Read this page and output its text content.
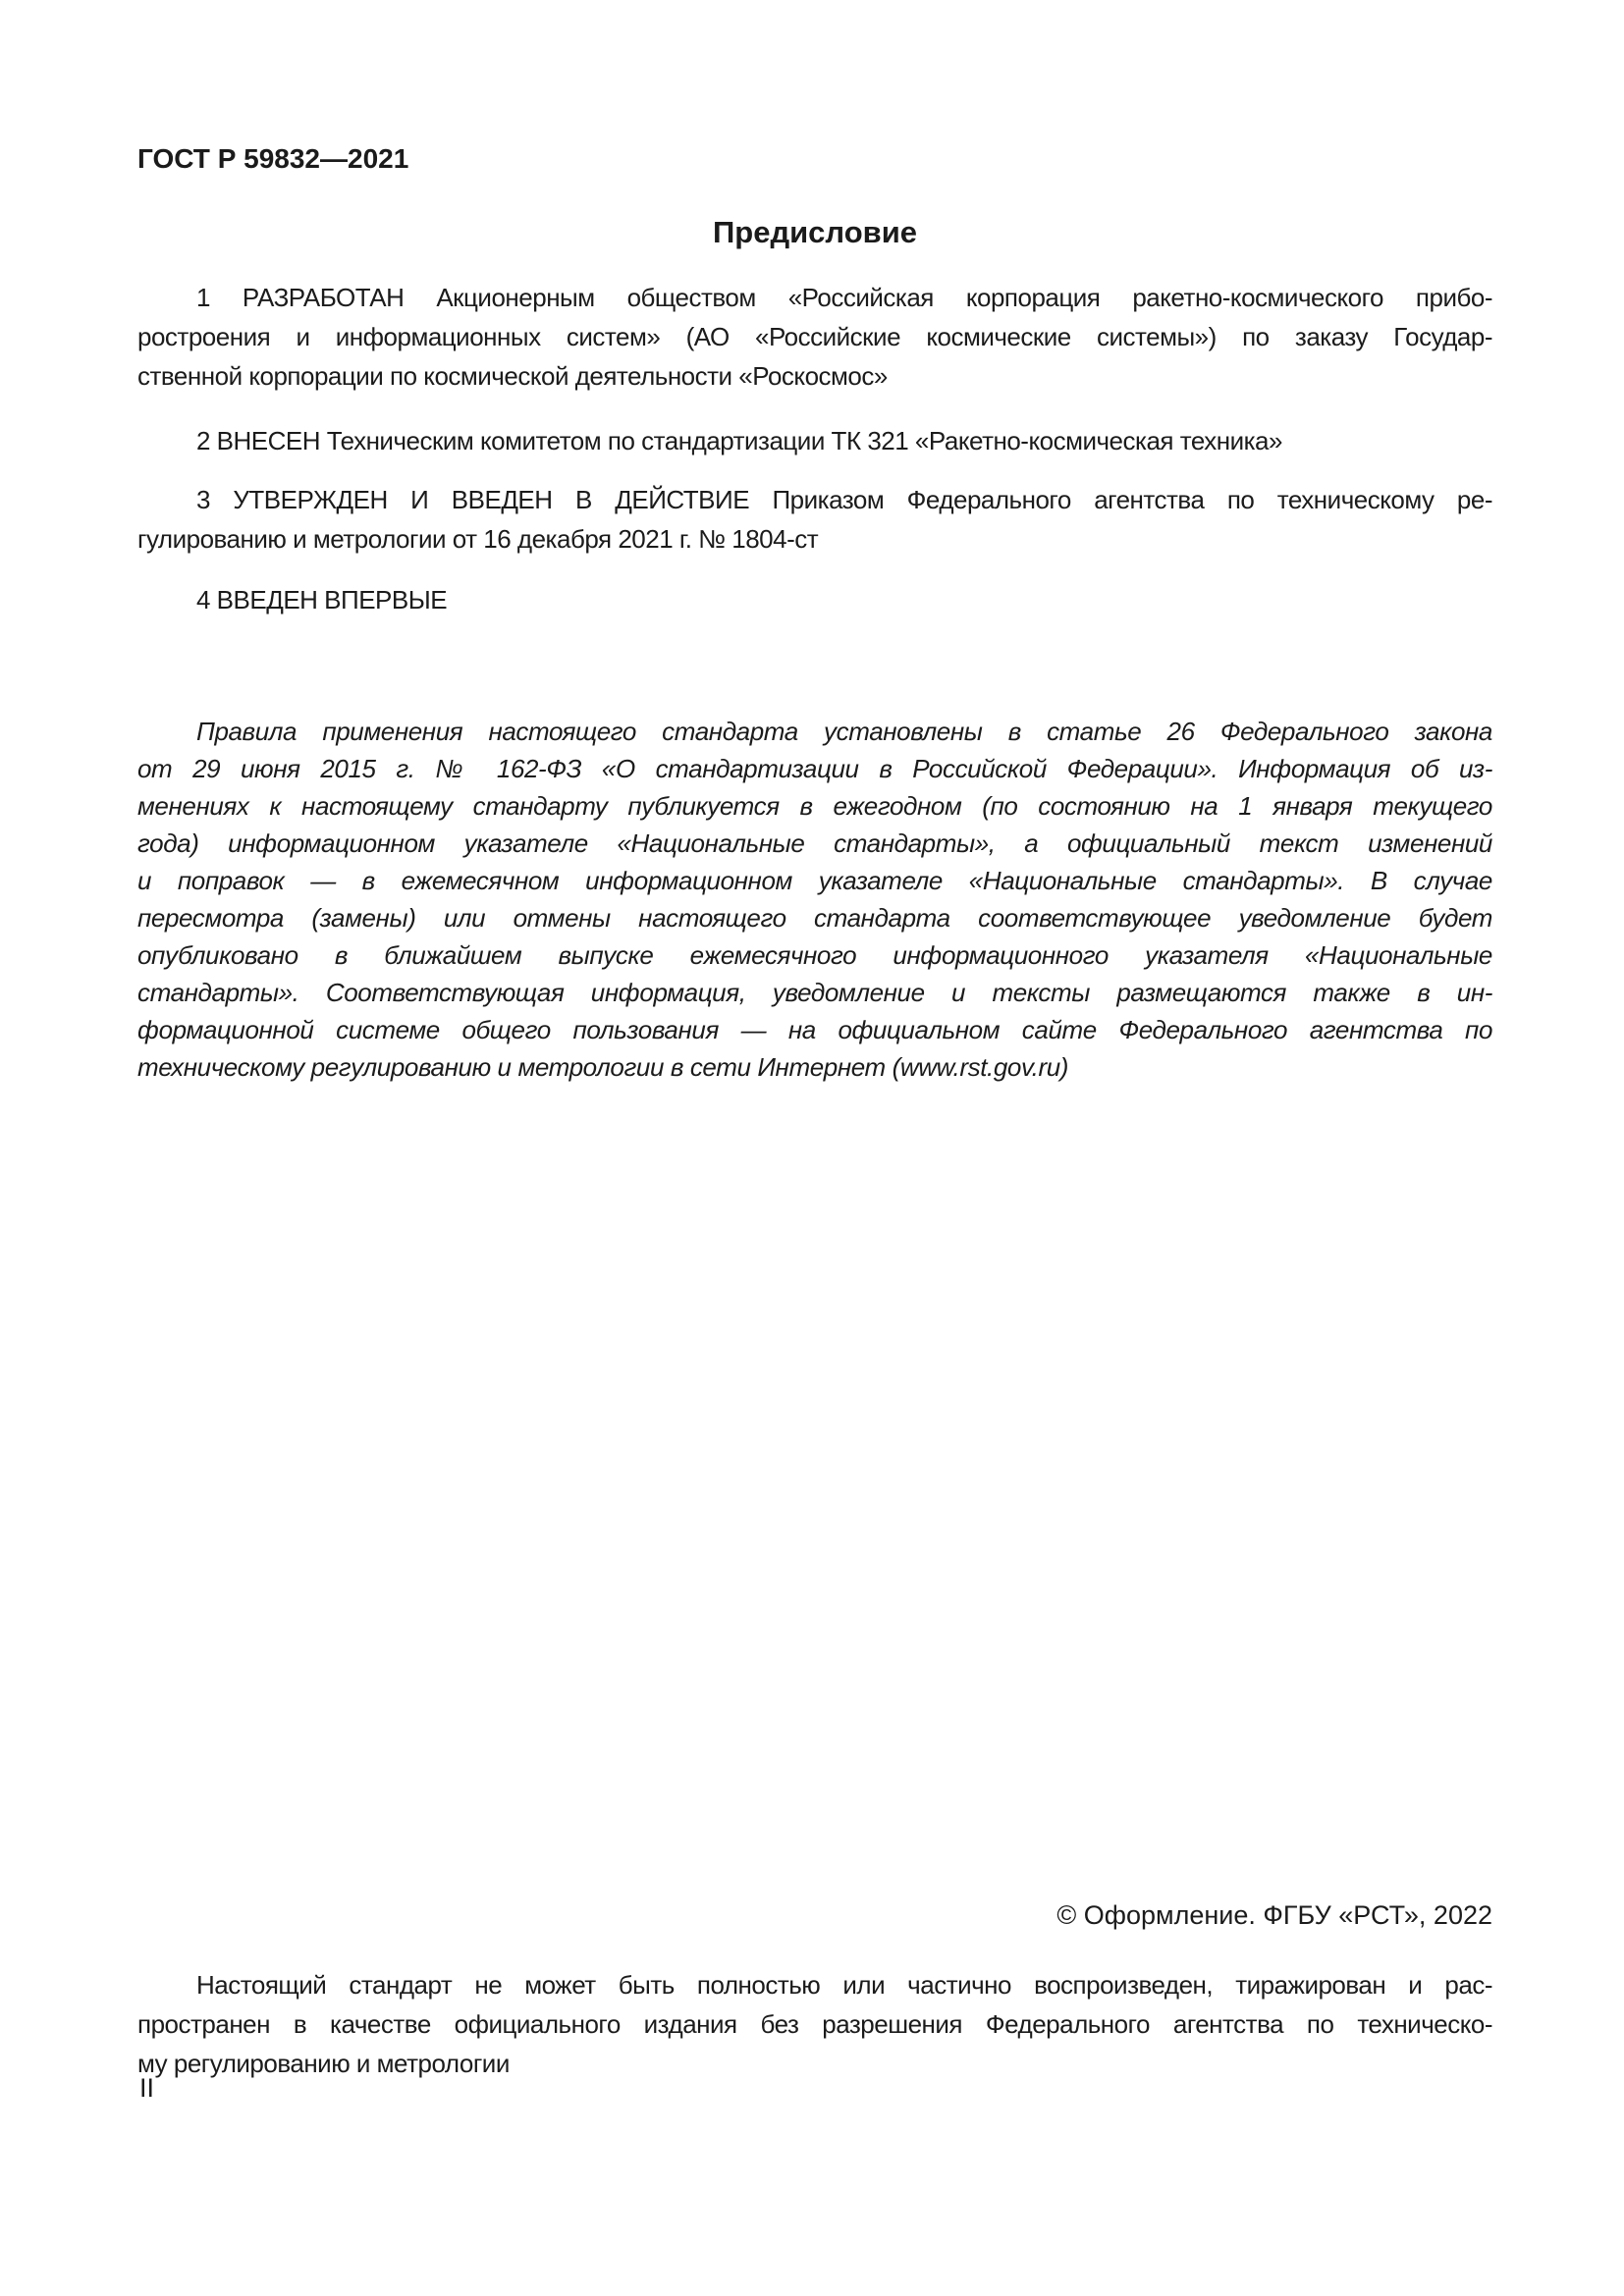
ГОСТ Р 59832—2021
Предисловие
1 РАЗРАБОТАН Акционерным обществом «Российская корпорация ракетно-космического прибо-
ростроения и информационных систем» (АО «Российские космические системы») по заказу Государ-
ственной корпорации по космической деятельности «Роскосмос»
2 ВНЕСЕН Техническим комитетом по стандартизации ТК 321 «Ракетно-космическая техника»
3 УТВЕРЖДЕН И ВВЕДЕН В ДЕЙСТВИЕ Приказом Федерального агентства по техническому ре-
гулированию и метрологии от 16 декабря 2021 г. № 1804-ст
4 ВВЕДЕН ВПЕРВЫЕ
Правила применения настоящего стандарта установлены в статье 26 Федерального закона
от 29 июня 2015 г. № 162-ФЗ «О стандартизации в Российской Федерации». Информация об из-
менениях к настоящему стандарту публикуется в ежегодном (по состоянию на 1 января текущего
года) информационном указателе «Национальные стандарты», а официальный текст изменений
и поправок — в ежемесячном информационном указателе «Национальные стандарты». В случае
пересмотра (замены) или отмены настоящего стандарта соответствующее уведомление будет
опубликовано в ближайшем выпуске ежемесячного информационного указателя «Национальные
стандарты». Соответствующая информация, уведомление и тексты размещаются также в ин-
формационной системе общего пользования — на официальном сайте Федерального агентства по
техническому регулированию и метрологии в сети Интернет (www.rst.gov.ru)
© Оформление. ФГБУ «РСТ», 2022
Настоящий стандарт не может быть полностью или частично воспроизведен, тиражирован и рас-
пространен в качестве официального издания без разрешения Федерального агентства по техническо-
му регулированию и метрологии
II
